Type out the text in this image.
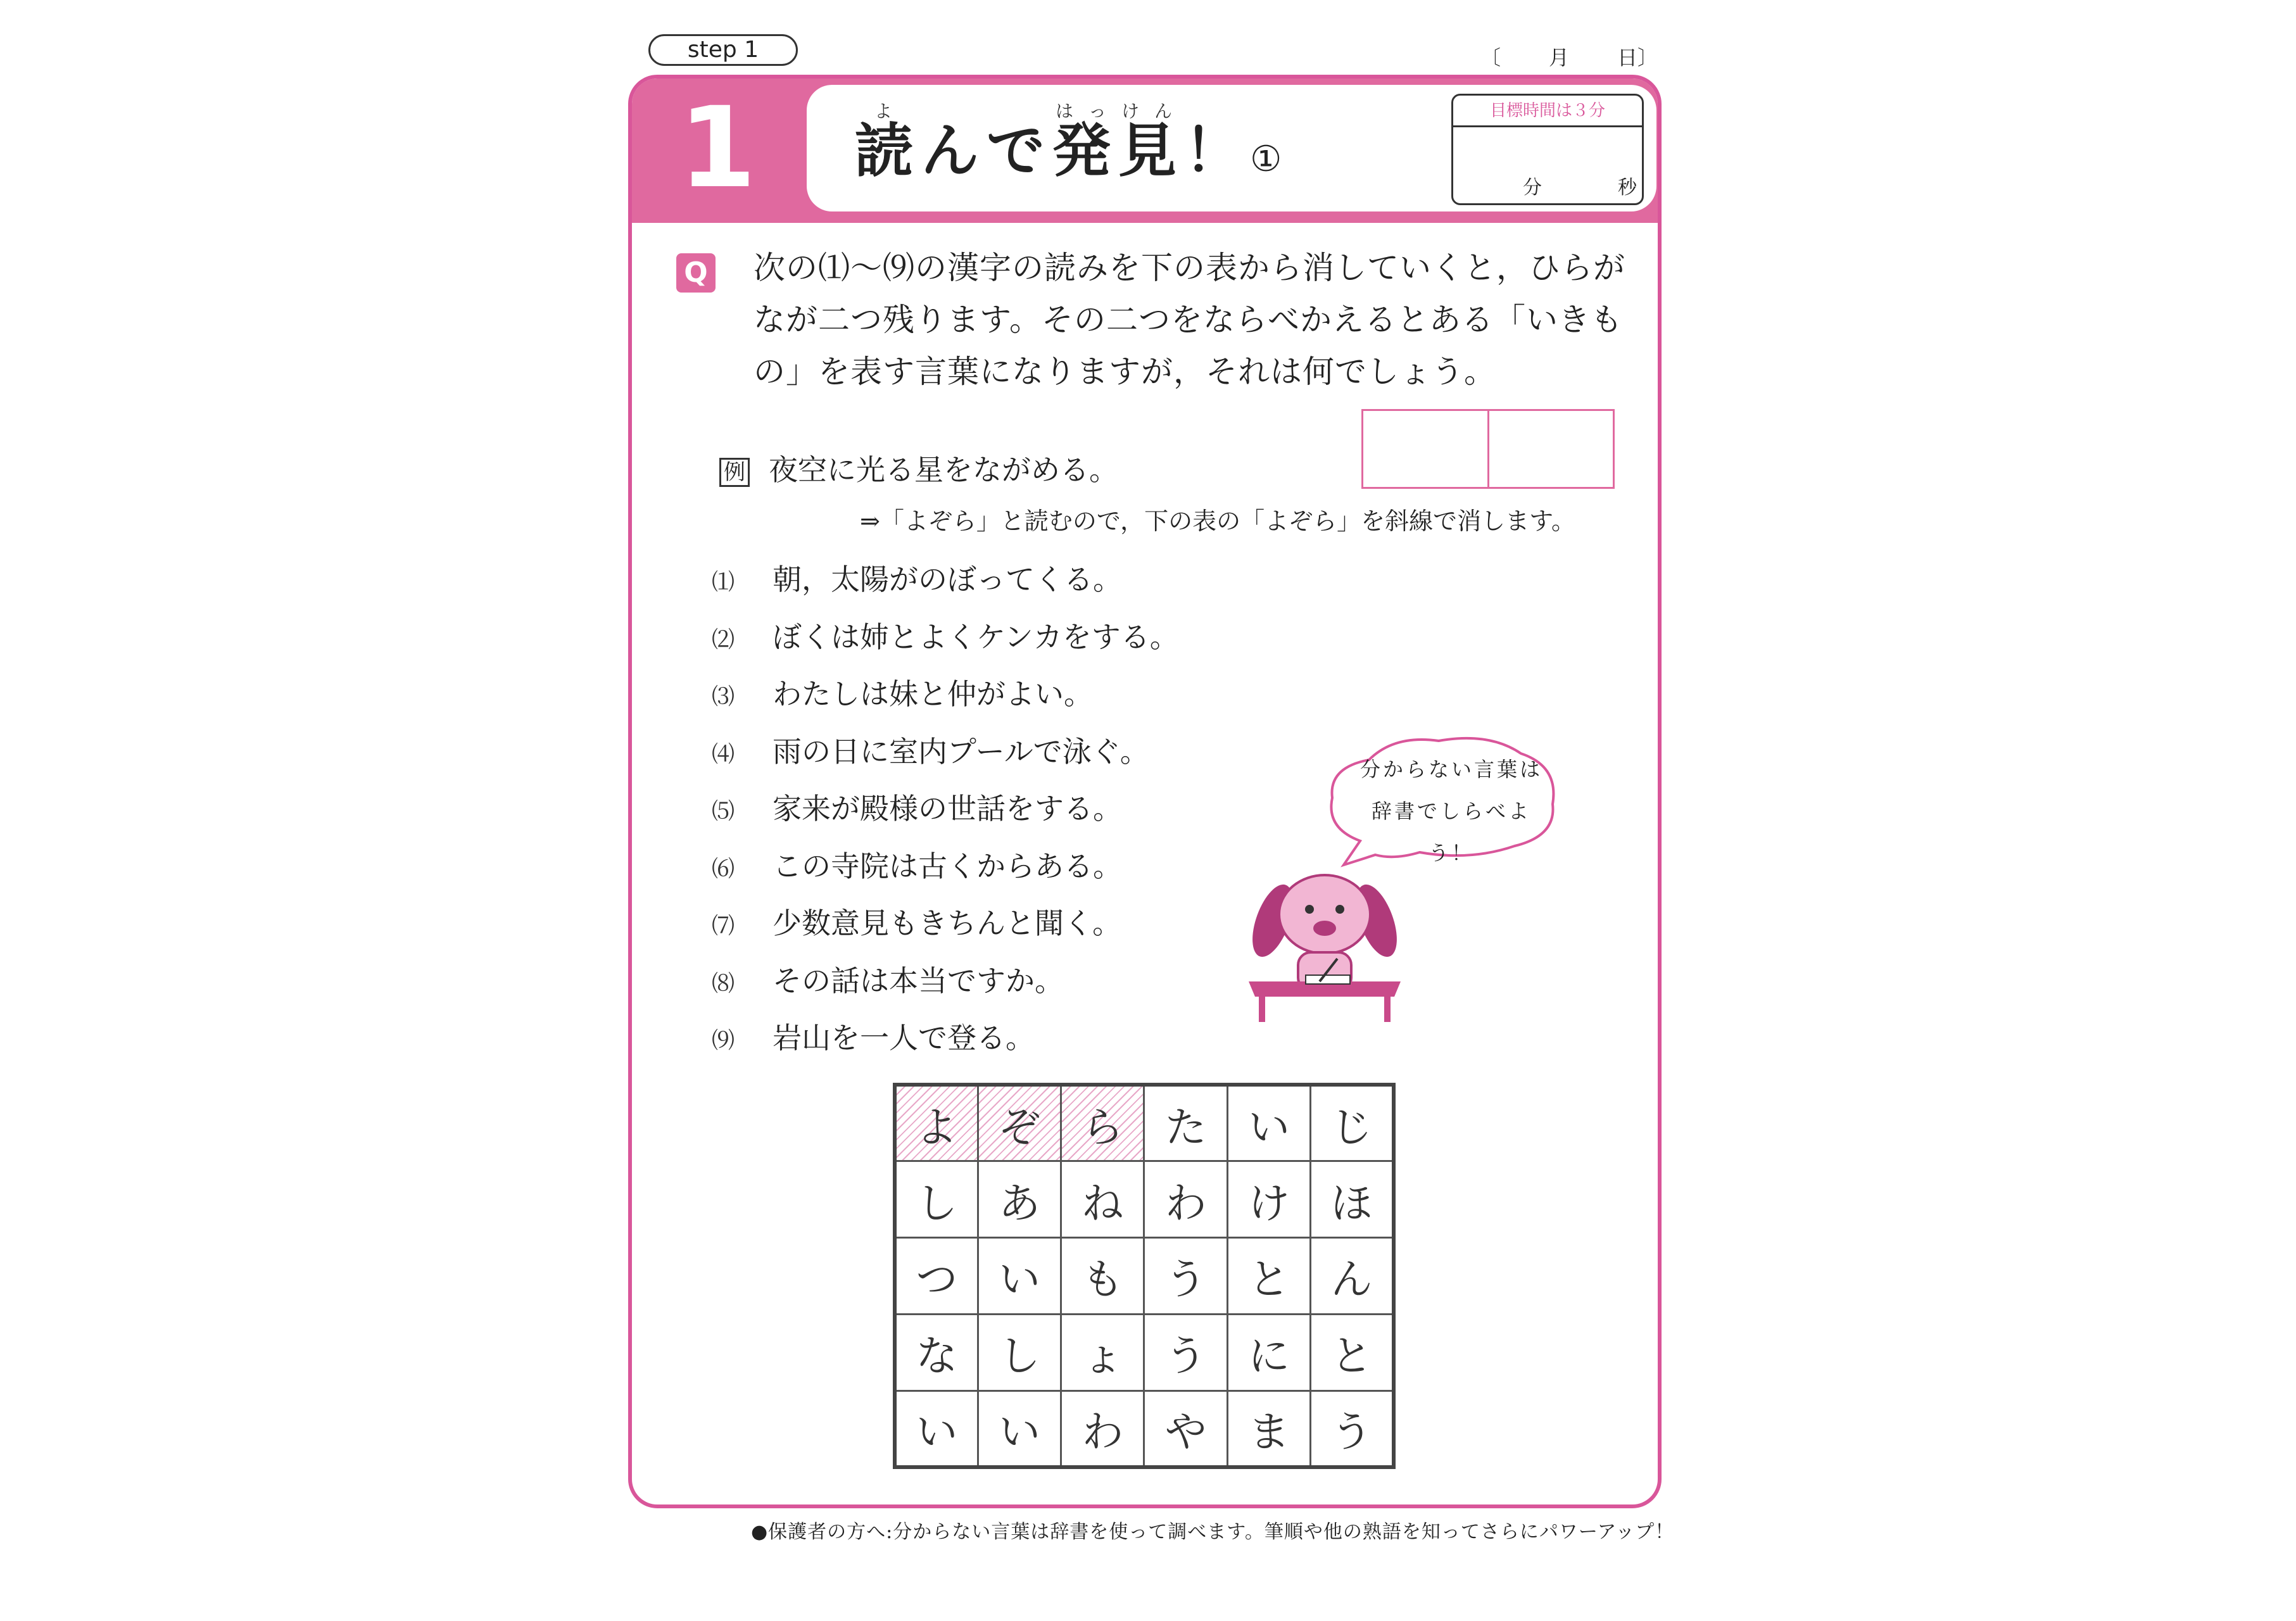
step 1	〔 月 日〕
1	読よんで発見はっけん！①
目標時間は３分
分	秒
Q 次の⑴〜⑼の漢字の読みを下の表から消していくと，ひらが
なが二つ残ります。その二つをならべかえるとある「いきも
の」を表す言葉になりますが，それは何でしょう。
例 夜空に光る星をながめる。
⇒「よぞら」と読むので，下の表の「よぞら」を斜線で消します。
⑴ 朝，太陽がのぼってくる。
⑵ ぼくは姉とよくケンカをする。
⑶ わたしは妹と仲がよい。
⑷ 雨の日に室内プールで泳ぐ。
⑸ 家来が殿様の世話をする。
⑹ この寺院は古くからある。
⑺ 少数意見もきちんと聞く。
⑻ その話は本当ですか。
⑼ 岩山を一人で登る。
分からない言葉は
辞書でしらべよう！
よ	ぞ	ら	た	い	じ
し	あ	ね	わ	け	ほ
つ	い	も	う	と	ん
な	し	ょ	う	に	と
い	い	わ	や	ま	う
●保護者の方へ:分からない言葉は辞書を使って調べます。筆順や他の熟語を知ってさらにパワーアップ！
